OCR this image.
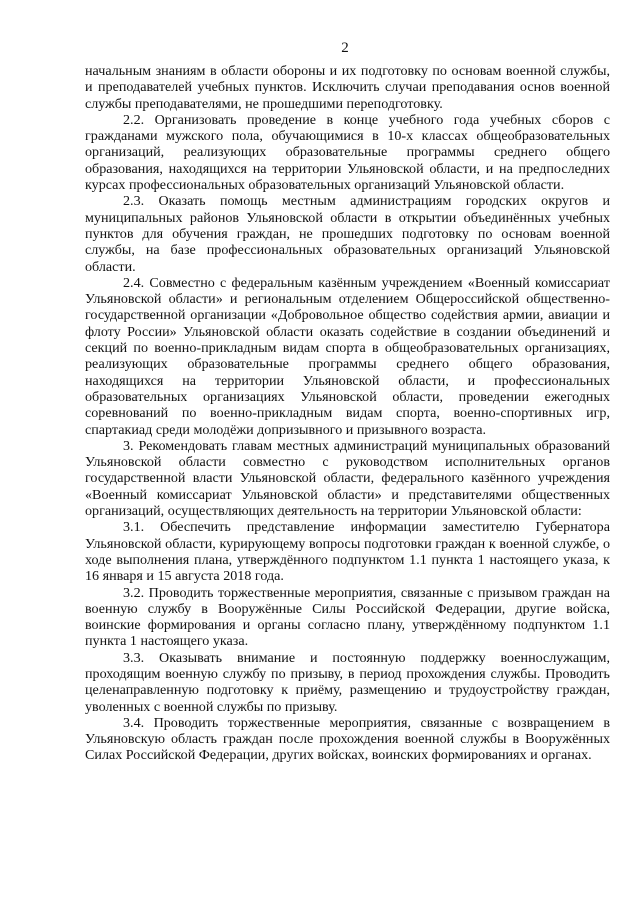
2

начальным знаниям в области обороны и их подготовку по основам военной службы, и преподавателей учебных пунктов. Исключить случаи преподавания основ военной службы преподавателями, не прошедшими переподготовку.

2.2. Организовать проведение в конце учебного года учебных сборов с гражданами мужского пола, обучающимися в 10-х классах общеобразовательных организаций, реализующих образовательные программы среднего общего образования, находящихся на территории Ульяновской области, и на предпоследних курсах профессиональных образовательных организаций Ульяновской области.

2.3. Оказать помощь местным администрациям городских округов и муниципальных районов Ульяновской области в открытии объединённых учебных пунктов для обучения граждан, не прошедших подготовку по основам военной службы, на базе профессиональных образовательных организаций Ульяновской области.

2.4. Совместно с федеральным казённым учреждением «Военный комиссариат Ульяновской области» и региональным отделением Общероссийской общественно-государственной организации «Добровольное общество содействия армии, авиации и флоту России» Ульяновской области оказать содействие в создании объединений и секций по военно-прикладным видам спорта в общеобразовательных организациях, реализующих образовательные программы среднего общего образования, находящихся на территории Ульяновской области, и профессиональных образовательных организациях Ульяновской области, проведении ежегодных соревнований по военно-прикладным видам спорта, военно-спортивных игр, спартакиад среди молодёжи допризывного и призывного возраста.

3. Рекомендовать главам местных администраций муниципальных образований Ульяновской области совместно с руководством исполнительных органов государственной власти Ульяновской области, федерального казённого учреждения «Военный комиссариат Ульяновской области» и представителями общественных организаций, осуществляющих деятельность на территории Ульяновской области:

3.1. Обеспечить представление информации заместителю Губернатора Ульяновской области, курирующему вопросы подготовки граждан к военной службе, о ходе выполнения плана, утверждённого подпунктом 1.1 пункта 1 настоящего указа, к 16 января и 15 августа 2018 года.

3.2. Проводить торжественные мероприятия, связанные с призывом граждан на военную службу в Вооружённые Силы Российской Федерации, другие войска, воинские формирования и органы согласно плану, утверждённому подпунктом 1.1 пункта 1 настоящего указа.

3.3. Оказывать внимание и постоянную поддержку военнослужащим, проходящим военную службу по призыву, в период прохождения службы. Проводить целенаправленную подготовку к приёму, размещению и трудоустройству граждан, уволенных с военной службы по призыву.

3.4. Проводить торжественные мероприятия, связанные с возвращением в Ульяновскую область граждан после прохождения военной службы в Вооружённых Силах Российской Федерации, других войсках, воинских формированиях и органах.
